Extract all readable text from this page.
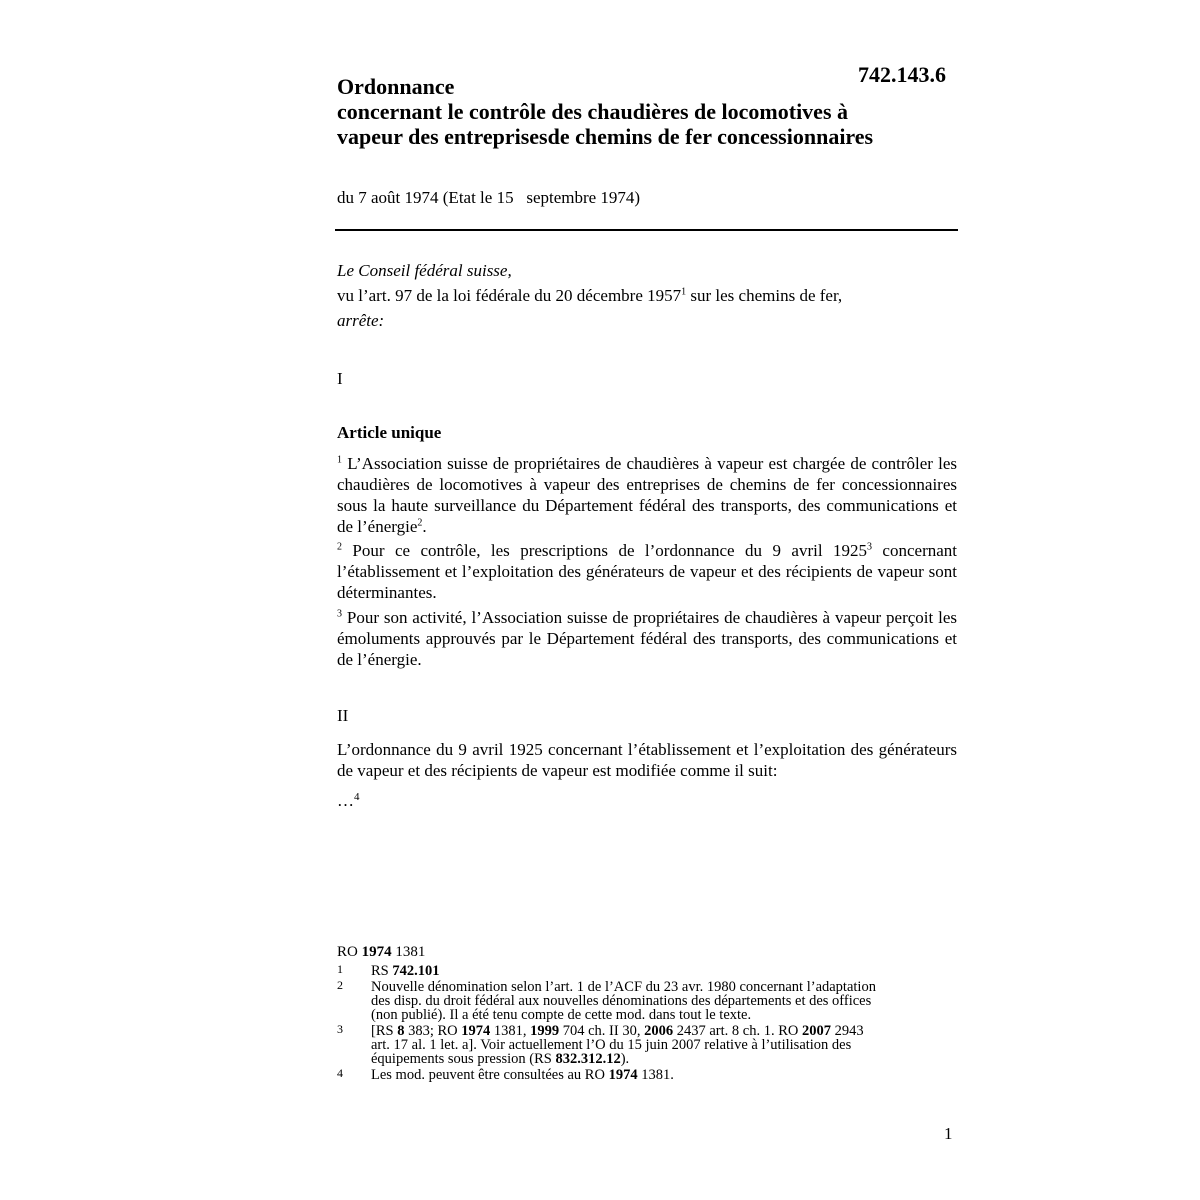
742.143.6
Ordonnance
concernant le contrôle des chaudières de locomotives à
vapeur des entreprisesde chemins de fer concessionnaires
du 7 août 1974 (Etat le 15   septembre 1974)
Le Conseil fédéral suisse,
vu l’art. 97 de la loi fédérale du 20 décembre 1957$^1$ sur les chemins de fer,
arrête:
I
Article unique
$^1$ L’Association suisse de propriétaires de chaudières à vapeur est chargée de contrôler les chaudières de locomotives à vapeur des entreprises de chemins de fer concessionnaires sous la haute surveillance du Département fédéral des transports, des communications et de l’énergie$^2$.
$^2$ Pour ce contrôle, les prescriptions de l’ordonnance du 9 avril 1925$^3$ concernant l’établissement et l’exploitation des générateurs de vapeur et des récipients de vapeur sont déterminantes.
$^3$ Pour son activité, l’Association suisse de propriétaires de chaudières à vapeur perçoit les émoluments approuvés par le Département fédéral des transports, des communications et de l’énergie.
II
L’ordonnance du 9 avril 1925 concernant l’établissement et l’exploitation des générateurs de vapeur et des récipients de vapeur est modifiée comme il suit:
…$^4$
RO 1974 1381
1 RS 742.101
2 Nouvelle dénomination selon l’art. 1 de l’ACF du 23 avr. 1980 concernant l’adaptation
des disp. du droit fédéral aux nouvelles dénominations des départements et des offices
(non publié). Il a été tenu compte de cette mod. dans tout le texte.
3 [RS 8 383; RO 1974 1381, 1999 704 ch. II 30, 2006 2437 art. 8 ch. 1. RO 2007 2943
art. 17 al. 1 let. a]. Voir actuellement l’O du 15 juin 2007 relative à l’utilisation des
équipements sous pression (RS 832.312.12).
4 Les mod. peuvent être consultées au RO 1974 1381.
1
